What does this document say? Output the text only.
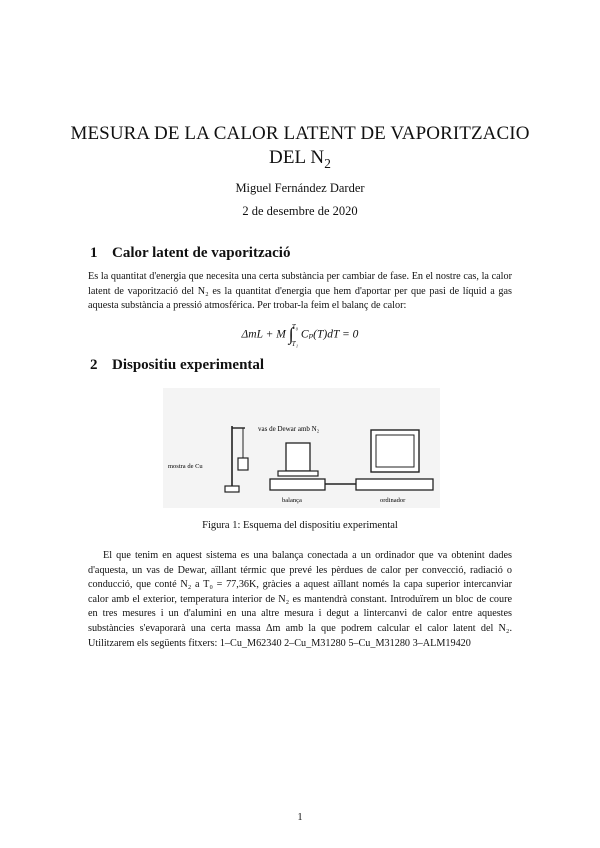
MESURA DE LA CALOR LATENT DE VAPORITZACIO
DEL $N_2$
Miguel Fernández Darder
2 de desembre de 2020
1 Calor latent de vaporització
Es la quantitat d'energia que necesita una certa substància per cambiar de fase. En el nostre cas, la calor latent de vaporització del N₂ es la quantitat d'energia que hem d'aportar per que pasi de líquid a gas aquesta substància a pressió atmosférica. Per trobar-la feim el balanç de calor:
ΔmL + M ∫T₀
T₁ Cₚ(T)dT = 0
2 Dispositiu experimental
mostra de Cu
vas de Dewar amb N₂
balança	ordinador
Figura 1: Esquema del dispositiu experimental
El que tenim en aquest sistema es una balança conectada a un ordinador que va obtenint dades d'aquesta, un vas de Dewar, aïllant térmic que prevé les pèrdues de calor per convecció, radiació o conducció, que conté N₂ a T₀ = 77,36K, gràcies a aquest aïllant només la capa superior intercanviar calor amb el exterior, temperatura interior de N₂ es mantendrà constant. Introduïrem un bloc de coure en tres mesures i un d'alumini en una altre mesura i degut a lintercanvi de calor entre aquestes substàncies s'evaporarà una certa massa Δm amb la que podrem calcular el calor latent del N₂. Utilitzarem els següents fitxers: 1–Cu_M62340 2–Cu_M31280 5–Cu_M31280 3–ALM19420
1
